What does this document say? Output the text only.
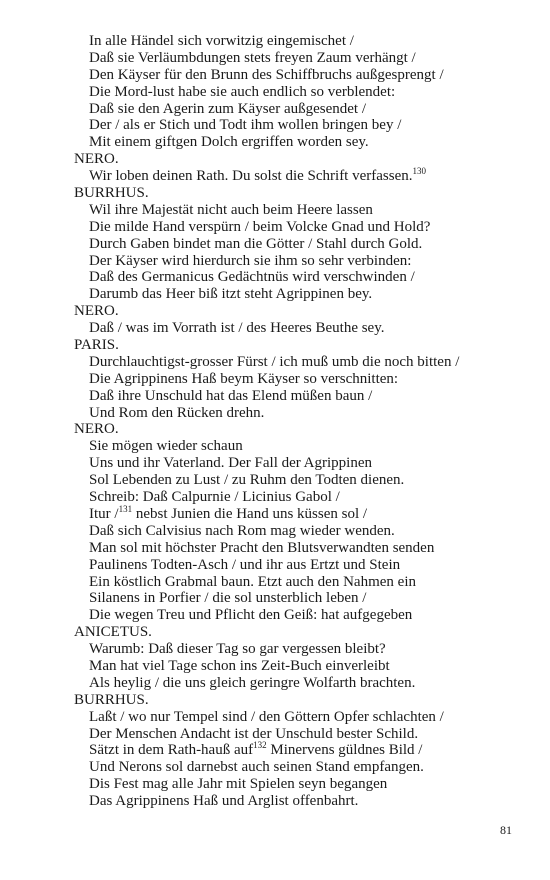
In alle Händel sich vorwitzig eingemischet /
Daß sie Verläumbdungen stets freyen Zaum verhängt /
Den Käyser für den Brunn des Schiffbruchs außgesprengt /
Die Mord-lust habe sie auch endlich so verblendet:
Daß sie den Agerin zum Käyser außgesendet /
Der / als er Stich und Todt ihm wollen bringen bey /
Mit einem giftgen Dolch ergriffen worden sey.
NERO.
Wir loben deinen Rath. Du solst die Schrift verfassen.$^{130}$
BURRHUS.
Wil ihre Majestät nicht auch beim Heere lassen
Die milde Hand verspürn / beim Volcke Gnad und Hold?
Durch Gaben bindet man die Götter / Stahl durch Gold.
Der Käyser wird hierdurch sie ihm so sehr verbinden:
Daß des Germanicus Gedächtnüs wird verschwinden /
Darumb das Heer biß itzt steht Agrippinen bey.
NERO.
Daß / was im Vorrath ist / des Heeres Beuthe sey.
PARIS.
Durchlauchtigst-grosser Fürst / ich muß umb die noch bitten /
Die Agrippinens Haß beym Käyser so verschnitten:
Daß ihre Unschuld hat das Elend müßen baun /
Und Rom den Rücken drehn.
NERO.
Sie mögen wieder schaun
Uns und ihr Vaterland. Der Fall der Agrippinen
Sol Lebenden zu Lust / zu Ruhm den Todten dienen.
Schreib: Daß Calpurnie / Licinius Gabol /
Itur /$^{131}$ nebst Junien die Hand uns küssen sol /
Daß sich Calvisius nach Rom mag wieder wenden.
Man sol mit höchster Pracht den Blutsverwandten senden
Paulinens Todten-Asch / und ihr aus Ertzt und Stein
Ein köstlich Grabmal baun. Etzt auch den Nahmen ein
Silanens in Porfier / die sol unsterblich leben /
Die wegen Treu und Pflicht den Geiß: hat aufgegeben
ANICETUS.
Warumb: Daß dieser Tag so gar vergessen bleibt?
Man hat viel Tage schon ins Zeit-Buch einverleibt
Als heylig / die uns gleich geringre Wolfarth brachten.
BURRHUS.
Laßt / wo nur Tempel sind / den Göttern Opfer schlachten /
Der Menschen Andacht ist der Unschuld bester Schild.
Sätzt in dem Rath-hauß auf$^{132}$ Minervens güldnes Bild /
Und Nerons sol darnebst auch seinen Stand empfangen.
Dis Fest mag alle Jahr mit Spielen seyn begangen
Das Agrippinens Haß und Arglist offenbahrt.
81
